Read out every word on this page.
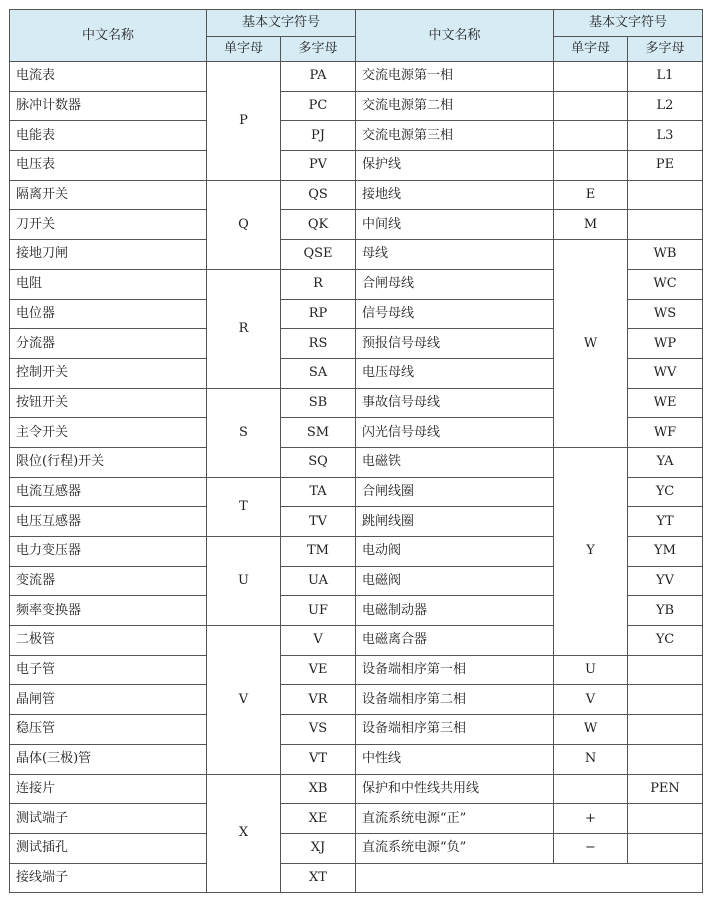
中文名称	基本文字符号	
	单字母	多字母
电流表	P	PA
脉冲计数器		PC
电能表		PJ
电压表		PV
隔离开关	Q	QS
刀开关		QK
接地刀闸		QSE
电阻	R	R
电位器		RP
分流器		RS
控制开关		SA
按钮开关	S	SB
主令开关		SM
限位(行程)开关		SQ
电流互感器	T	TA
电压互感器		TV
电力变压器	U	TM
变流器		UA
频率变换器		UF
二极管	V	V
电子管		VE
晶闸管		VR
稳压管		VS
晶体(三极)管		VT
连接片	X	XB
测试端子		XE
测试插孔		XJ
接线端子		XT
中文名称	基本文字符号	
	单字母	多字母
交流电源第一相		L1
交流电源第二相		L2
交流电源第三相		L3
保护线		PE
接地线	E	
中间线	M	
母线	W	WB
合闸母线		WC
信号母线		WS
预报信号母线		WP
电压母线		WV
事故信号母线		WE
闪光信号母线		WF
电磁铁	Y	YA
合闸线圈		YC
跳闸线圈		YT
电动阀		YM
电磁阀		YV
电磁制动器		YB
电磁离合器		YC
设备端相序第一相	U	
设备端相序第二相	V	
设备端相序第三相	W	
中性线	N	
保护和中性线共用线		PEN
直流系统电源“正”	+	
直流系统电源“负”	−	
